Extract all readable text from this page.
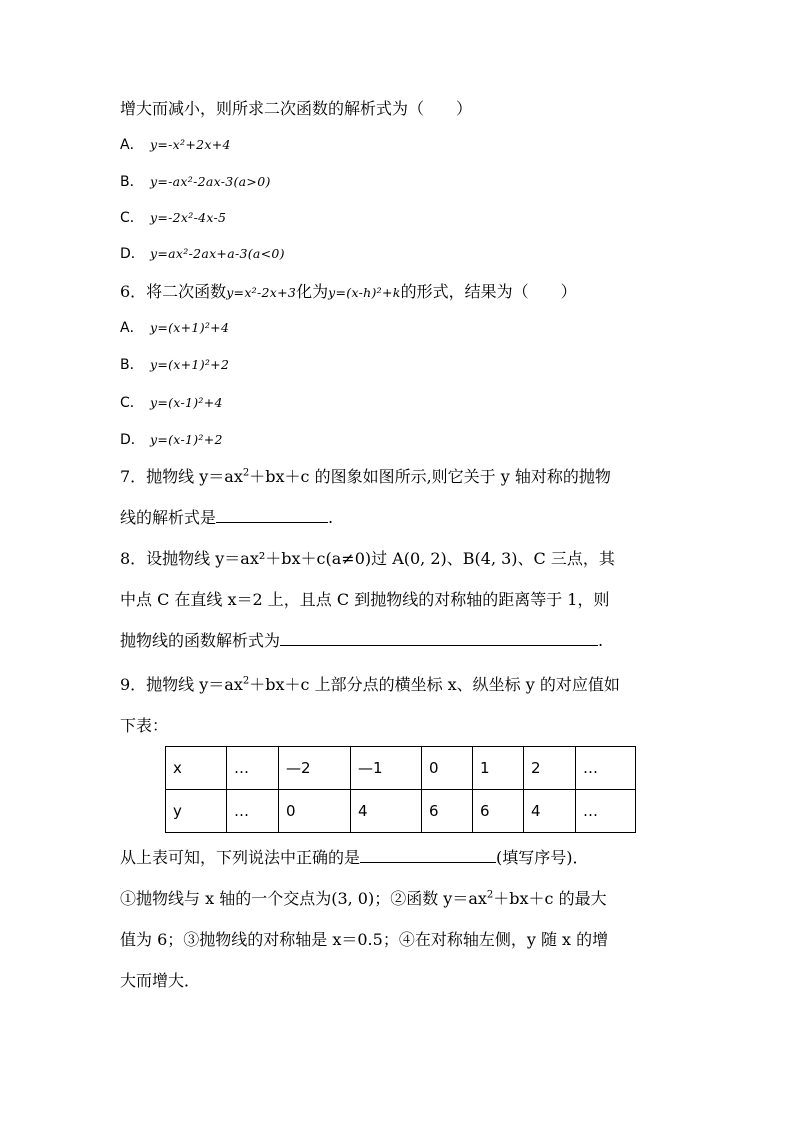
增大而减小，则所求二次函数的解析式为（　　）
A． y=-x²+2x+4
B． y=-ax²-2ax-3(a>0)
C． y=-2x²-4x-5
D． y=ax²-2ax+a-3(a<0)
6．将二次函数y=x²-2x+3化为y=(x-h)²+k的形式，结果为（　　）
A． y=(x+1)²+4
B． y=(x+1)²+2
C． y=(x-1)²+4
D． y=(x-1)²+2
7．抛物线 $y=ax^2+bx+c$ 的图象如图所示,则它关于 y 轴对称的抛物
线的解析式是	.
8．设抛物线 y＝ax²＋bx＋c(a≠0)过 A(0, 2)、B(4, 3)、C 三点，其
中点 C 在直线 x＝2 上，且点 C 到抛物线的对称轴的距离等于 1，则
抛物线的函数解析式为	.
9．抛物线 $y=ax^2+bx+c$ 上部分点的横坐标 x、纵坐标 y 的对应值如
下表：
x	…	—2	—1	0	1	2	…
y	…	0	4	6	6	4	…
从上表可知，下列说法中正确的是	(填写序号)．
①抛物线与 x 轴的一个交点为(3, 0)；②函数 $y=ax^2+bx+c$ 的最大
值为 6；③抛物线的对称轴是 x＝0.5；④在对称轴左侧，y 随 x 的增
大而增大．
